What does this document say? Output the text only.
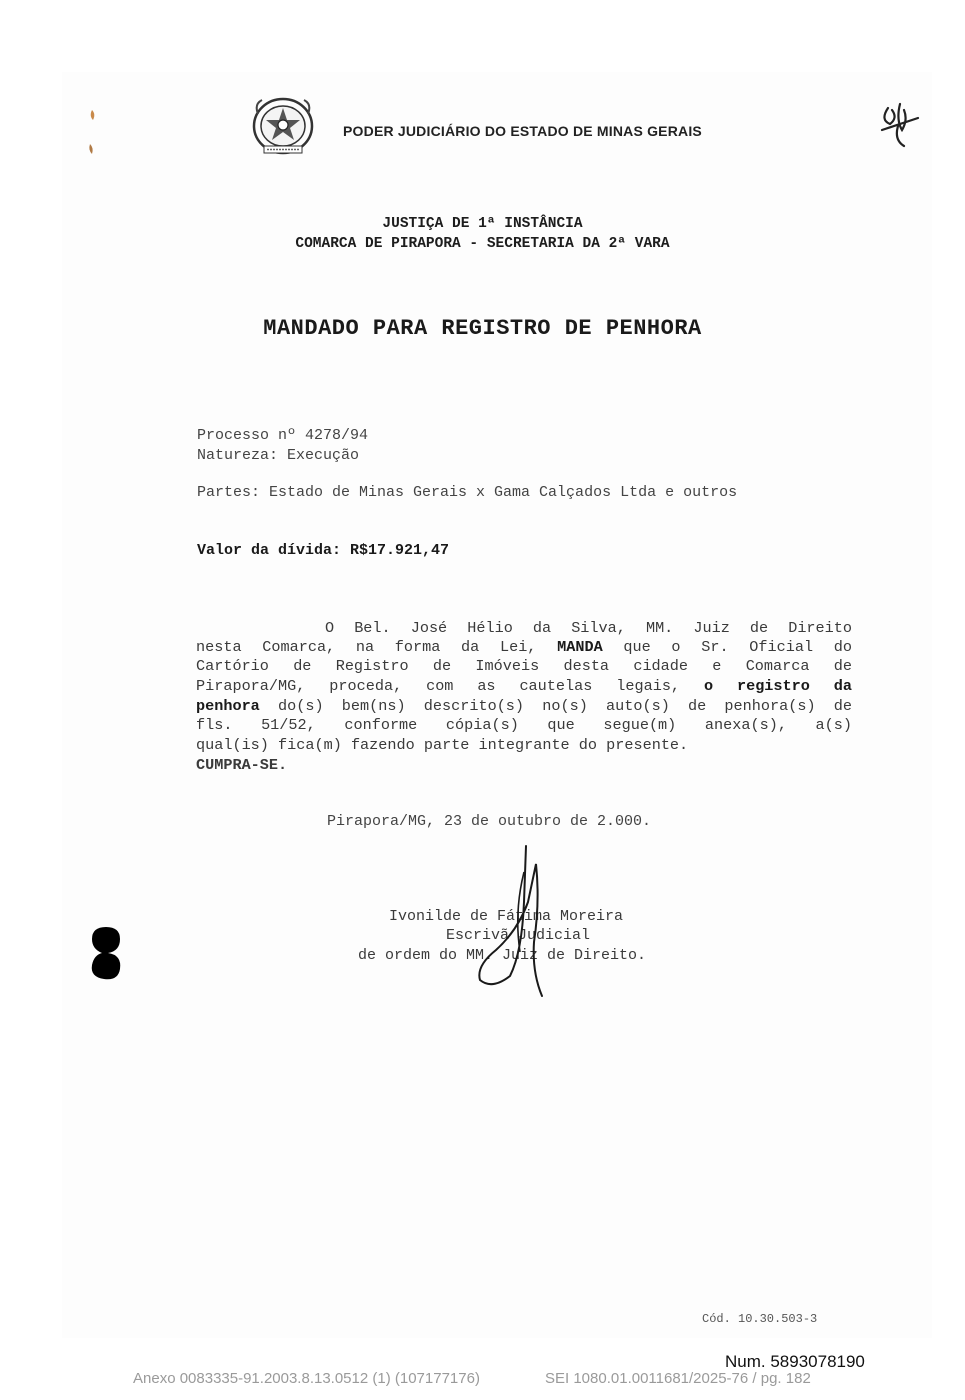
PODER JUDICIÁRIO DO ESTADO DE MINAS GERAIS
JUSTIÇA DE 1ª INSTÂNCIA
COMARCA DE PIRAPORA - SECRETARIA DA 2ª VARA
MANDADO PARA REGISTRO DE PENHORA
Processo nº 4278/94
Natureza: Execução
Partes: Estado de Minas Gerais x Gama Calçados Ltda e outros
Valor da dívida: R$17.921,47
O Bel. José Hélio da Silva, MM. Juiz de Direito
nesta Comarca, na forma da Lei, MANDA que o Sr. Oficial do
Cartório de Registro de Imóveis desta cidade e Comarca de
Pirapora/MG, proceda, com as cautelas legais, o registro da
penhora do(s) bem(ns) descrito(s) no(s) auto(s) de penhora(s) de
fls. 51/52, conforme cópia(s) que segue(m) anexa(s), a(s)
qual(is) fica(m) fazendo parte integrante do presente.
CUMPRA-SE.
Pirapora/MG, 23 de outubro de 2.000.
Ivonilde de Fátima Moreira
Escrivã Judicial
de ordem do MM. Juiz de Direito.
Cód. 10.30.503-3
Num. 5893078190
Anexo 0083335-91.2003.8.13.0512 (1) (107177176)	SEI 1080.01.0011681/2025-76 / pg. 182
